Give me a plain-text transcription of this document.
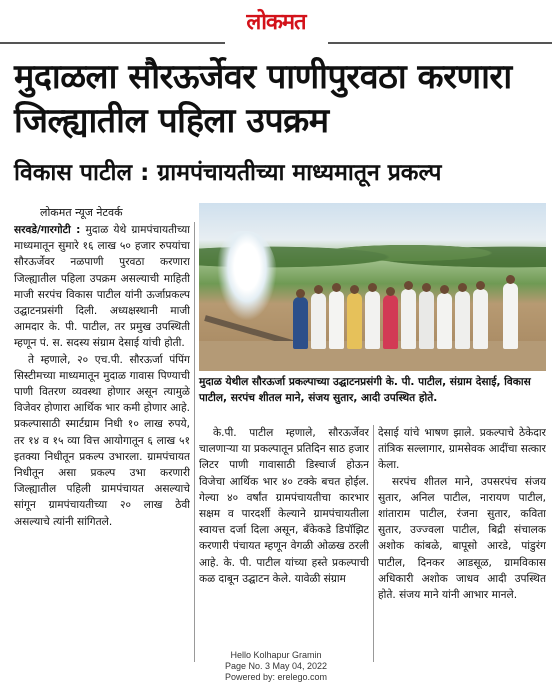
लोकमत
मुदाळला सौरऊर्जेवर पाणीपुरवठा करणारा जिल्ह्यातील पहिला उपक्रम
विकास पाटील : ग्रामपंचायतीच्या माध्यमातून प्रकल्प
लोकमत न्यूज नेटवर्क

सरवडे/गारगोटी : मुदाळ येथे ग्रामपंचायतीच्या माध्यमातून सुमारे १६ लाख ५० हजार रुपयांचा सौरऊर्जेवर नळपाणी पुरवठा करणारा जिल्ह्यातील पहिला उपक्रम असल्याची माहिती माजी सरपंच विकास पाटील यांनी ऊर्जाप्रकल्प उद्घाटनप्रसंगी दिली. अध्यक्षस्थानी माजी आमदार के. पी. पाटील, तर प्रमुख उपस्थिती म्हणून पं. स. सदस्य संग्राम देसाई यांची होती.

ते म्हणाले, २० एच.पी. सौरऊर्जा पंपिंग सिस्टीमच्या माध्यमातून मुदाळ गावास पिण्याची पाणी वितरण व्यवस्था होणार असून त्यामुळे विजेवर होणारा आर्थिक भार कमी होणार आहे. प्रकल्पासाठी स्मार्टग्राम निधी १० लाख रुपये, तर १४ व १५ व्या वित्त आयोगातून ६ लाख ५१ इतक्या निधीतून प्रकल्प उभारला. ग्रामपंचायत निधीतून असा प्रकल्प उभा करणारी जिल्ह्यातील पहिली ग्रामपंचायत असल्याचे सांगून ग्रामपंचायतीच्या २० लाख ठेवी असल्याचे त्यांनी सांगितले.

मुदाळ येथील सौरऊर्जा प्रकल्पाच्या उद्घाटनप्रसंगी के. पी. पाटील, संग्राम देसाई, विकास पाटील, सरपंच शीतल माने, संजय सुतार, आदी उपस्थित होते.

के.पी. पाटील म्हणाले, सौरऊर्जेवर चालणाऱ्या या प्रकल्पातून प्रतिदिन साठ हजार लिटर पाणी गावासाठी डिस्चार्ज होऊन विजेचा आर्थिक भार ४० टक्के बचत होईल. गेल्या ४० वर्षांत ग्रामपंचायतीचा कारभार सक्षम व पारदर्शी केल्याने ग्रामपंचायतीला स्वायत्त दर्जा दिला असून, बँकेकडे डिपॉझिट करणारी पंचायत म्हणून वेगळी ओळख ठरली आहे. के. पी. पाटील यांच्या हस्ते प्रकल्पाची कळ दाबून उद्घाटन केले. यावेळी संग्राम

देसाई यांचे भाषण झाले. प्रकल्पाचे ठेकेदार तांत्रिक सल्लागार, ग्रामसेवक आदींचा सत्कार केला.

सरपंच शीतल माने, उपसरपंच संजय सुतार, अनिल पाटील, नारायण पाटील, शांताराम पाटील, रंजना सुतार, कविता सुतार, उज्ज्वला पाटील, बिद्री संचालक अशोक कांबळे, बापूसो आरडे, पांडुरंग पाटील, दिनकर आडसूळ, ग्रामविकास अधिकारी अशोक जाधव आदी उपस्थित होते. संजय माने यांनी आभार मानले.

Hello Kolhapur Gramin
Page No. 3 May 04, 2022
Powered by: erelego.com
